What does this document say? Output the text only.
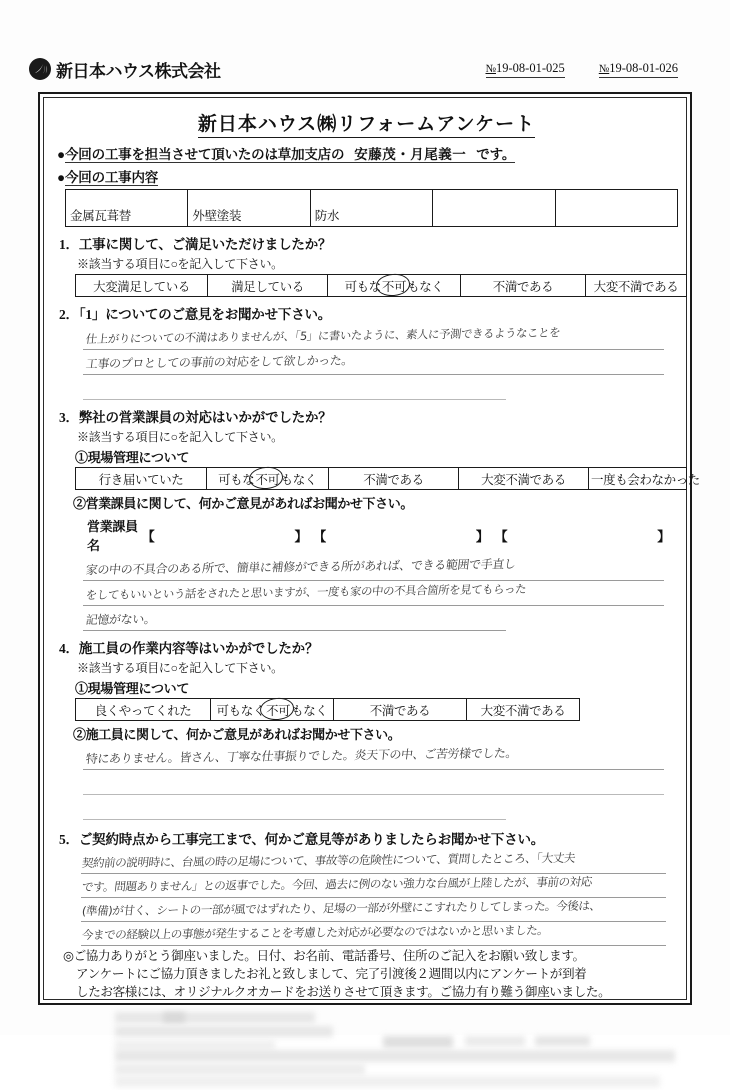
新日本ハウス株式会社	№19-08-01-025	№19-08-01-026
新日本ハウス㈱リフォームアンケート
●今回の工事を担当させて頂いたのは草加支店の 安藤茂・月尾義一 です。
●今回の工事内容
金属瓦葺替	外壁塗装	防水		
1．工事に関して、ご満足いただけましたか？
※該当する項目に○を記入して下さい。
大変満足している	満足している	可もな不可もなく	不満である	大変不満である
2．「1」についてのご意見をお聞かせ下さい。
仕上がりについての不満はありませんが、「5」に書いたように、素人に予測できるようなことを
工事のプロとしての事前の対応をして欲しかった。
3．弊社の営業課員の対応はいかがでしたか？
※該当する項目に○を記入して下さい。
①現場管理について
行き届いていた	可もな不可もなく	不満である	大変不満である	一度も会わなかった
②営業課員に関して、何かご意見があればお聞かせ下さい。
営業課員名
【	】 【	】 【	】
家の中の不具合のある所で、簡単に補修ができる所があれば、できる範囲で手直し
をしてもいいという話をされたと思いますが、一度も家の中の不具合箇所を見てもらった
記憶がない。
4．施工員の作業内容等はいかがでしたか？
※該当する項目に○を記入して下さい。
①現場管理について
良くやってくれた	可もなく不可もなく	不満である	大変不満である
②施工員に関して、何かご意見があればお聞かせ下さい。
特にありません。皆さん、丁寧な仕事振りでした。炎天下の中、ご苦労様でした。
5．ご契約時点から工事完工まで、何かご意見等がありましたらお聞かせ下さい。
契約前の説明時に、台風の時の足場について、事故等の危険性について、質問したところ、「大丈夫
です。問題ありません」との返事でした。今回、過去に例のない強力な台風が上陸したが、事前の対応
(準備)が甘く、シートの一部が風ではずれたり、足場の一部が外壁にこすれたりしてしまった。今後は、
今までの経験以上の事態が発生することを考慮した対応が必要なのではないかと思いました。
◎ご協力ありがとう御座いました。日付、お名前、電話番号、住所のご記入をお願い致します。
アンケートにご協力頂きましたお礼と致しまして、完了引渡後２週間以内にアンケートが到着
したお客様には、オリジナルクオカードをお送りさせて頂きます。ご協力有り難う御座いました。
